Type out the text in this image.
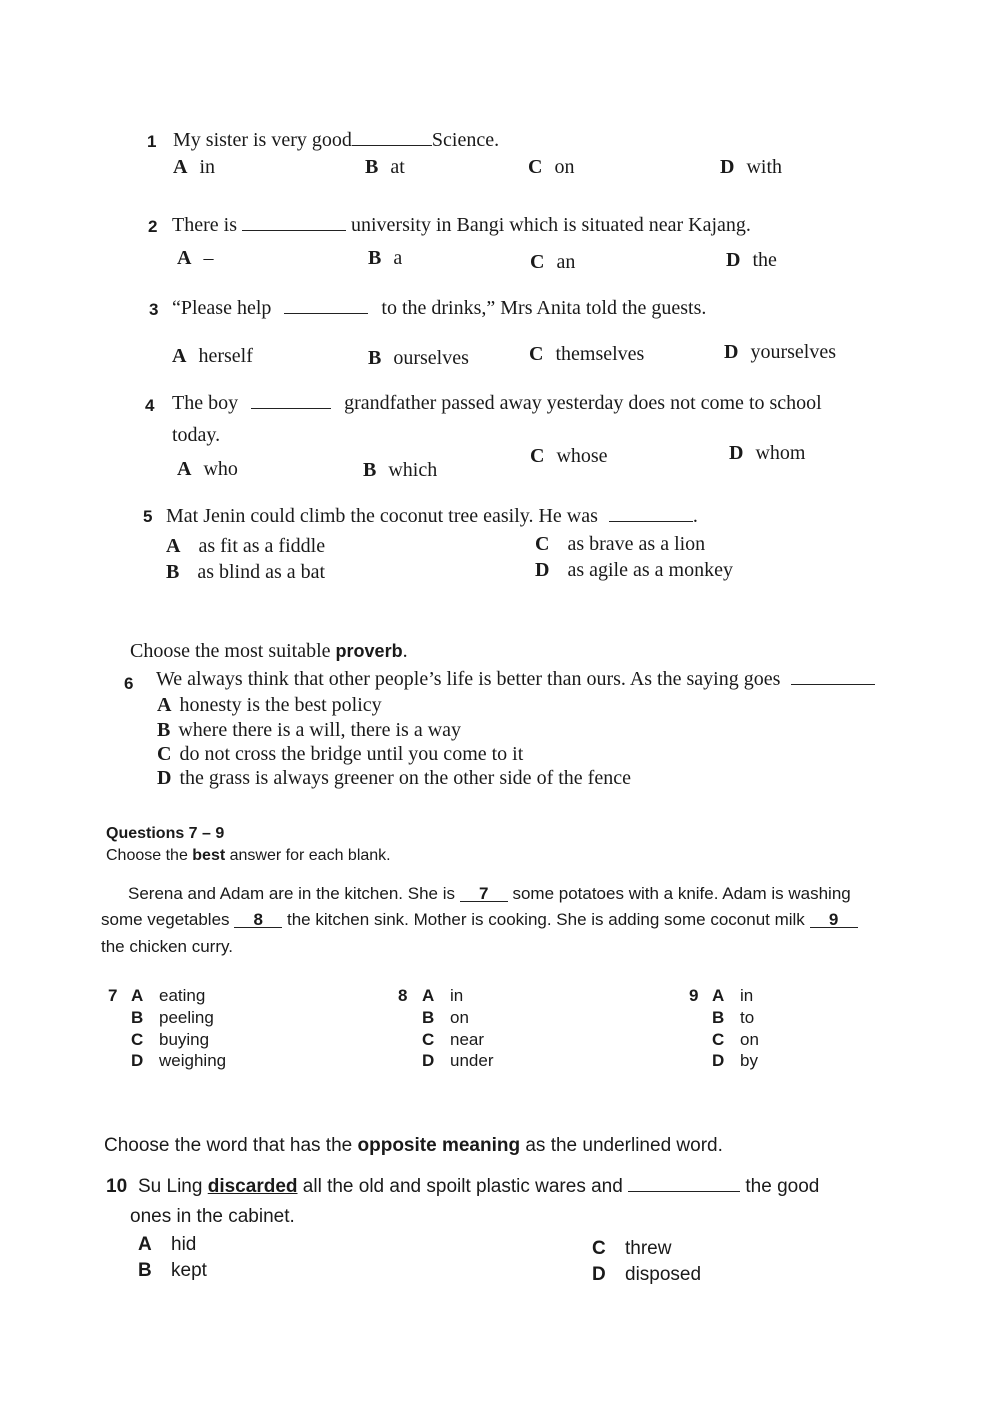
1 My sister is very good	Science.
A in	B at	C on	D with
2 There is	university in Bangi which is situated near Kajang.
A –	B a	C an	D the
3 “Please help	to the drinks,” Mrs Anita told the guests.
A herself	B ourselves	C themselves	D yourselves
4 The boy	grandfather passed away yesterday does not come to school
today.
A who	B which
C whose	D whom
5 Mat Jenin could climb the coconut tree easily. He was	.
A as fit as a fiddle
B as blind as a bat
C as brave as a lion
D as agile as a monkey
Choose the most suitable proverb.
6 We always think that other people’s life is better than ours. As the saying goes
A honesty is the best policy
B where there is a will, there is a way
C do not cross the bridge until you come to it
D the grass is always greener on the other side of the fence
Questions 7 – 9
Choose the best answer for each blank.
Serena and Adam are in the kitchen. She is 7 some potatoes with a knife. Adam is washing
some vegetables 8 the kitchen sink. Mother is cooking. She is adding some coconut milk 9
the chicken curry.
7 A eating
B peeling
C buying
D weighing
8 A in
B on
C near
D under
9 A in
B to
C on
D by
Choose the word that has the opposite meaning as the underlined word.
10 Su Ling discarded all the old and spoilt plastic wares and	the good
ones in the cabinet.
A hid
B kept
C threw
D disposed
